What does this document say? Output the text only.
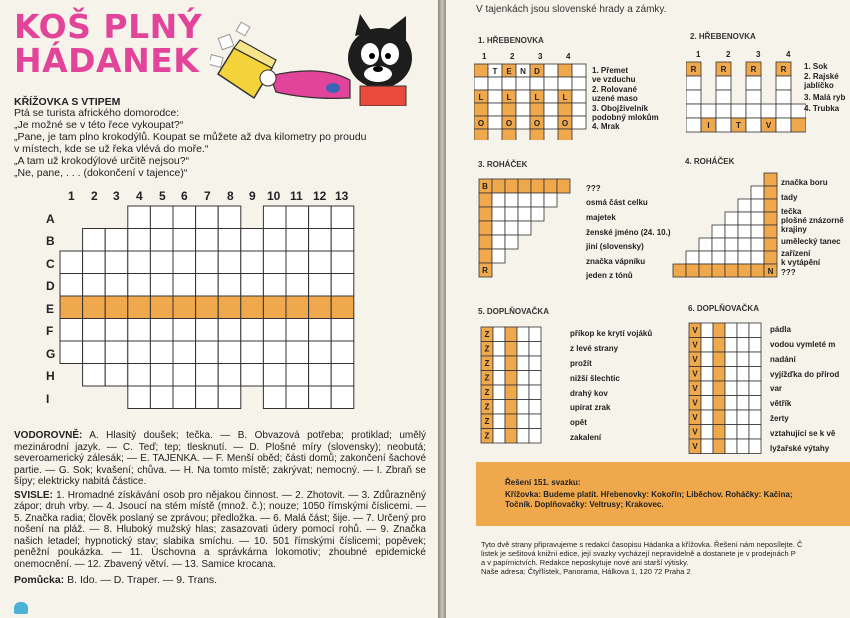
KOŠ PLNÝ
HÁDANEK
KŘÍŽOVKA S VTIPEM
Ptá se turista afrického domorodce:
„Je možné se v této řece vykoupat?“
„Pane, je tam plno krokodýlů. Koupat se můžete až dva kilometry po proudu
v místech, kde se už řeka vlévá do moře.“
„A tam už krokodýlové určitě nejsou?“
„Ne, pane, . . . (dokončení v tajence)“
1 2 3 4 5 6 7 8 9 10 11 12 13
A
B
C
D
E
F
G
H
I

VODOROVNĚ: A. Hlasitý doušek; tečka. — B. Obvazová potřeba; protiklad; umělý mezinárodní jazyk. — C. Teď; tep; tlesknutí. — D. Plošné míry (slovensky); neobutá; severoamerický zálesák; — E. TAJENKA. — F. Menší oběd; části domů; zakončení šachové partie. — G. Sok; kvašení; chůva. — H. Na tomto místě; zakrývat; nemocný. — I. Zbraň se šípy; elektricky nabitá částice.

SVISLE: 1. Hromadné získávání osob pro nějakou činnost. — 2. Zhotovit. — 3. Zdůrazněný zápor; druh vrby. — 4. Jsoucí na stém místě (množ. č.); nouze; 1050 římskými číslicemi. — 5. Značka radia; člověk poslaný se zprávou; předložka. — 6. Malá část; šije. — 7. Určený pro nošení na pláž. — 8. Hluboký mužský hlas; zasazovati údery pomocí rohů. — 9. Značka našich letadel; hypnotický stav; slabika smíchu. — 10. 501 římskými číslicemi; popěvek; peněžní poukázka. — 11. Úschovna a správkárna lokomotiv; zhoubné epidemické onemocnění. — 12. Zbavený větví. — 13. Samice krocana.

Pomůcka: B. Ido. — D. Traper. — 9. Trans.
V tajenkách jsou slovenské hrady a zámky.
1. HŘEBENOVKA	2. HŘEBENOVKA
3. ROHÁČEK	4. ROHÁČEK
5. DOPLŇOVAČKA	6. DOPLŇOVAČKA
1	2	3	4
T E N D
L
O
L
O
L
O
L
O
1. Přemet
ve vzduchu
2. Rolované
uzené maso
3. Obojživelník
podobný mlokům
4. Mrak
1	2	3	4
R	R	R	R
I	T	V
1. Sok
2. Rajské
jablíčko
3. Malá ryb
4. Trubka
B
R
???
osmá část celku
majetek
ženské jméno (24. 10.)
jiní (slovensky)
značka vápníku
jeden z tónů	N
značka boru
tady
tečka
plošné znázorně
krajiny
umělecký tanec
zařízení
k vytápění
???
Z
Z
Z
Z
Z
Z
Z
Z
příkop ke krytí vojáků
z levé strany
prožít
nižší šlechtic
drahý kov
upírat zrak
opět
zakalení
V
V
V
V
V
V
V
V
V
pádla
vodou vymleté m
nadání
vyjížďka do přírod
var
větřík
žerty
vztahující se k vě
lyžařské výtahy
Řešení 151. svazku:
Křížovka: Budeme platit. Hřebenovky: Kokořín; Liběchov. Roháčky: Kačina;
Točník. Doplňovačky: Veltrusy; Krakovec.
Tyto dvě strany připravujeme s redakcí časopisu Hádanka a křížovka. Řešení nám neposílejte. Č
listek je sešitová knižní edice, její svazky vycházejí nepravidelně a dostanete je v prodejnách P
a v papírnictvích. Redakce neposkytuje nové ani starší výtisky.
Naše adresa: Čtyřlístek, Panorama, Hálkova 1, 120 72 Praha 2
